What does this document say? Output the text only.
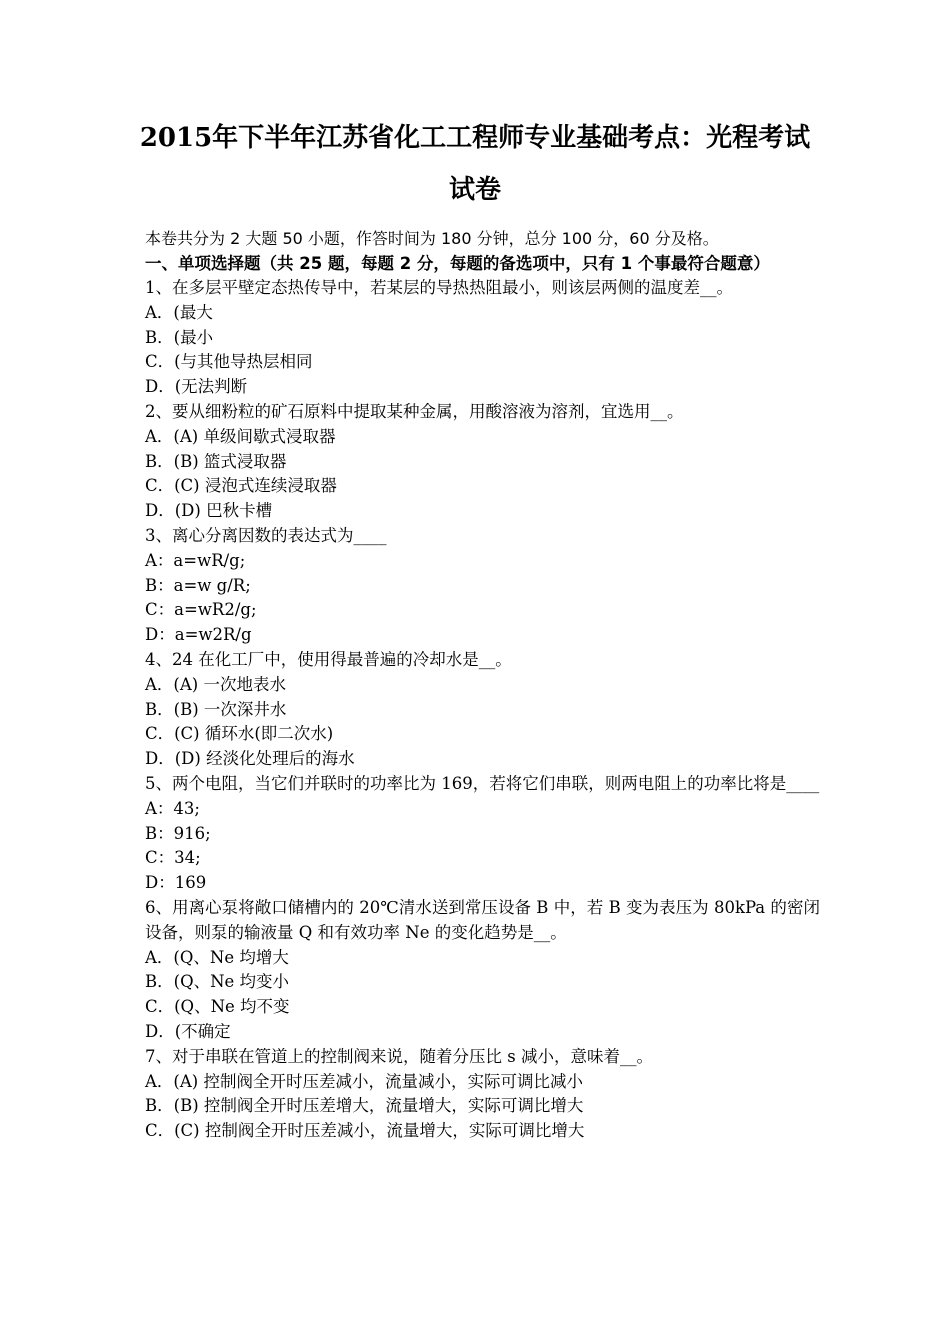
2015年下半年江苏省化工工程师专业基础考点：光程考试
试卷
本卷共分为 2 大题 50 小题，作答时间为 180 分钟，总分 100 分，60 分及格。
一、单项选择题（共 25 题，每题 2 分，每题的备选项中，只有 1 个事最符合题意）
1、在多层平壁定态热传导中，若某层的导热热阻最小，则该层两侧的温度差__。
A．(最大
B．(最小
C．(与其他导热层相同
D．(无法判断
2、要从细粉粒的矿石原料中提取某种金属，用酸溶液为溶剂，宜选用__。
A．(A) 单级间歇式浸取器
B．(B) 篮式浸取器
C．(C) 浸泡式连续浸取器
D．(D) 巴秋卡槽
3、离心分离因数的表达式为____
A：a=wR/g;
B：a=w g/R;
C：a=wR2/g;
D：a=w2R/g
4、24 在化工厂中，使用得最普遍的冷却水是__。
A．(A) 一次地表水
B．(B) 一次深井水
C．(C) 循环水(即二次水)
D．(D) 经淡化处理后的海水
5、两个电阻，当它们并联时的功率比为 169，若将它们串联，则两电阻上的功率比将是____
A：43;
B：916;
C：34;
D：169
6、用离心泵将敞口储槽内的 20℃清水送到常压设备 B 中，若 B 变为表压为 80kPa 的密闭设备，则泵的输液量 Q 和有效功率 Ne 的变化趋势是__。
A．(Q、Ne 均增大
B．(Q、Ne 均变小
C．(Q、Ne 均不变
D．(不确定
7、对于串联在管道上的控制阀来说，随着分压比 s 减小，意味着__。
A．(A) 控制阀全开时压差减小，流量减小，实际可调比减小
B．(B) 控制阀全开时压差增大，流量增大，实际可调比增大
C．(C) 控制阀全开时压差减小，流量增大，实际可调比增大
